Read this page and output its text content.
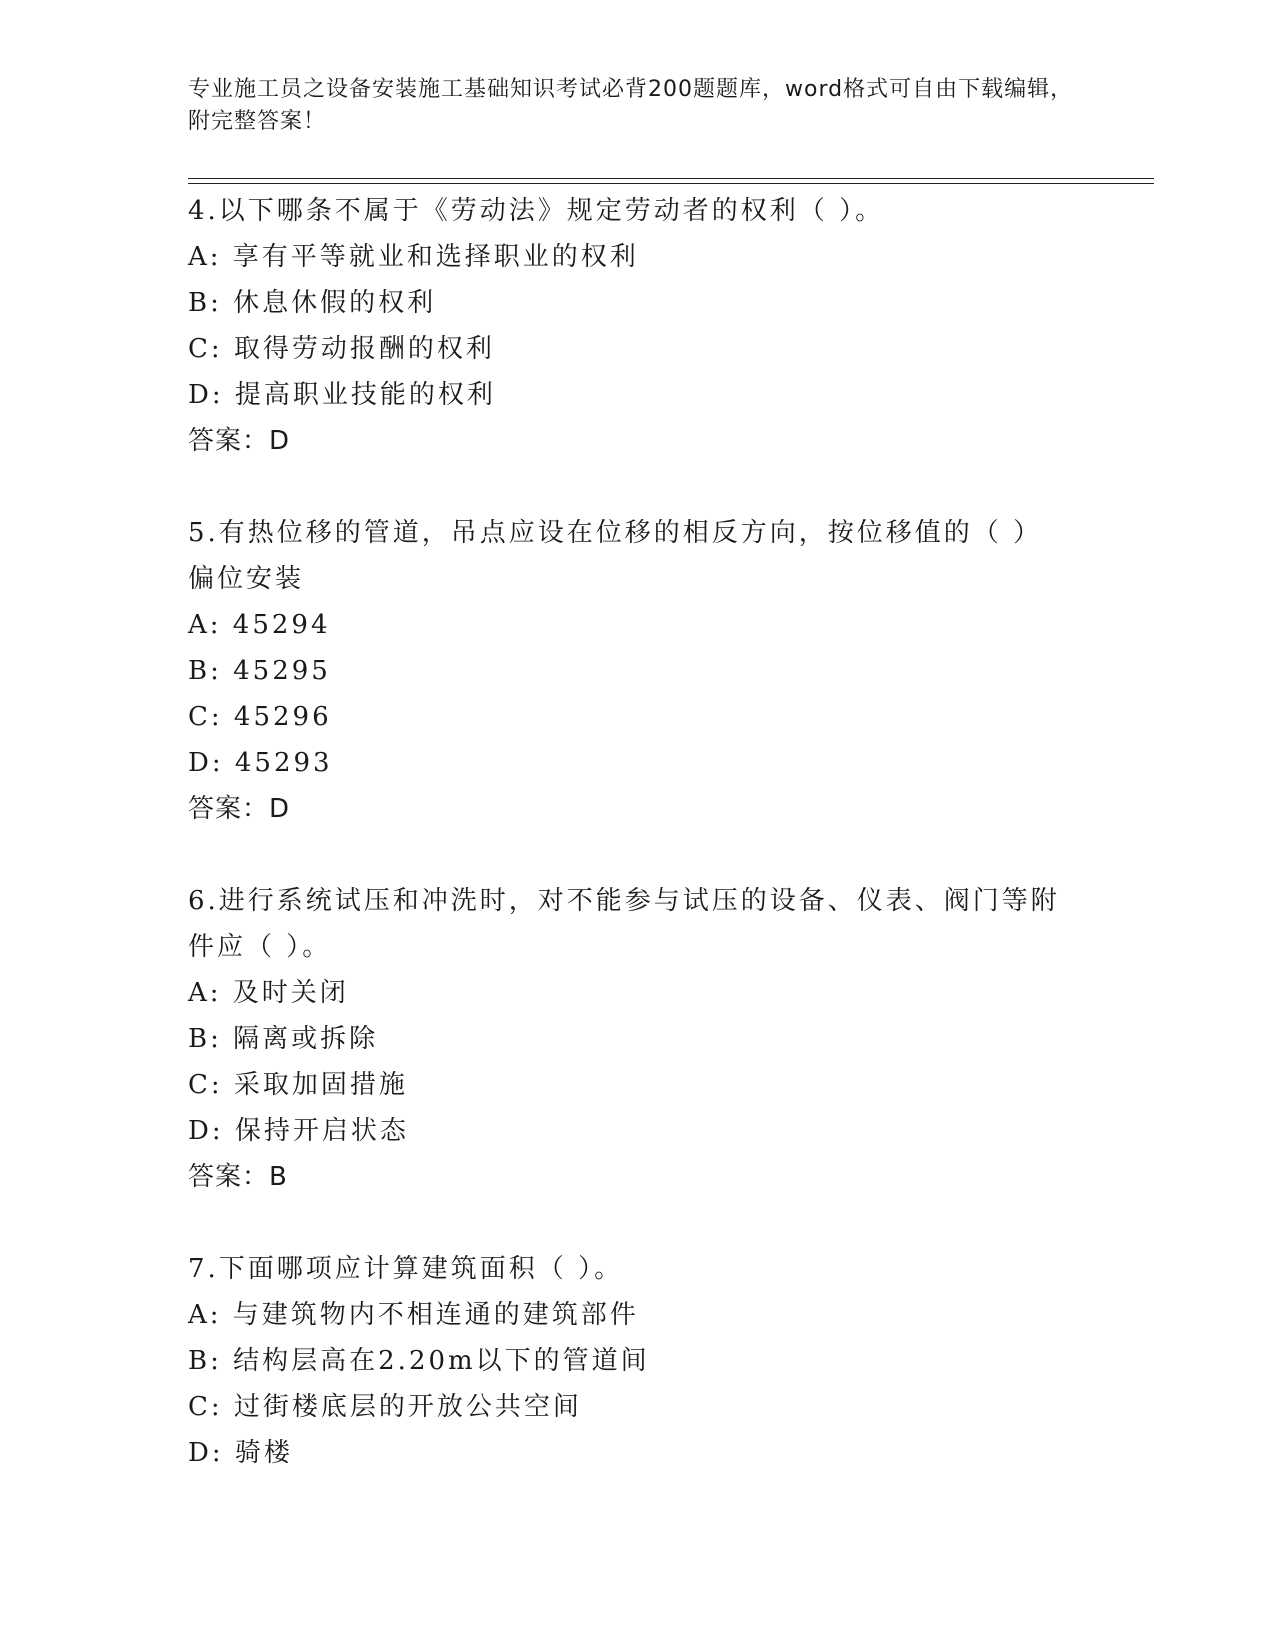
专业施工员之设备安装施工基础知识考试必背200题题库，word格式可自由下载编辑，附完整答案！
4.以下哪条不属于《劳动法》规定劳动者的权利（ ）。
A: 享有平等就业和选择职业的权利
B: 休息休假的权利
C: 取得劳动报酬的权利
D: 提高职业技能的权利
答案：D
5.有热位移的管道，吊点应设在位移的相反方向，按位移值的（ ）偏位安装
A: 45294
B: 45295
C: 45296
D: 45293
答案：D
6.进行系统试压和冲洗时，对不能参与试压的设备、仪表、阀门等附件应（ ）。
A: 及时关闭
B: 隔离或拆除
C: 采取加固措施
D: 保持开启状态
答案：B
7.下面哪项应计算建筑面积（ ）。
A: 与建筑物内不相连通的建筑部件
B: 结构层高在2.20m以下的管道间
C: 过街楼底层的开放公共空间
D: 骑楼
